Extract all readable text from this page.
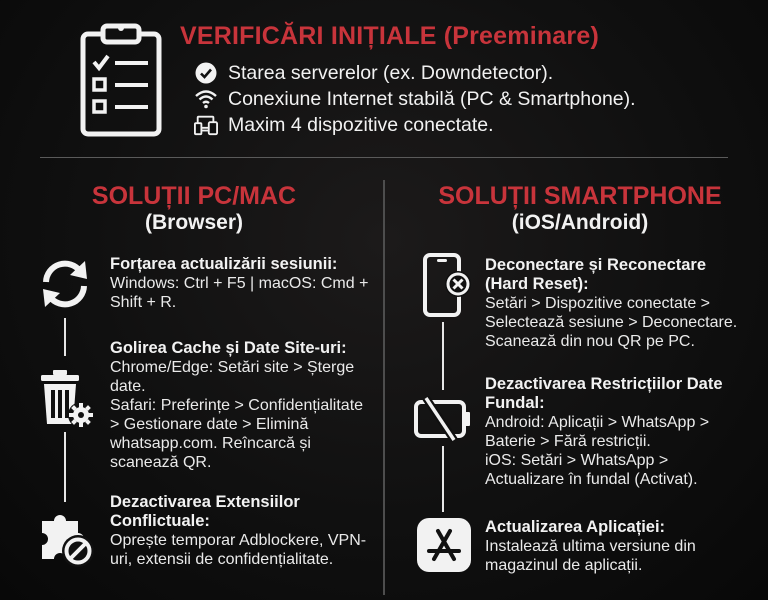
VERIFICĂRI INIȚIALE (Preeminare)
Starea serverelor (ex. Downdetector).
Conexiune Internet stabilă (PC & Smartphone).
Maxim 4 dispozitive conectate.
SOLUȚII PC/MAC
(Browser)
SOLUȚII SMARTPHONE
(iOS/Android)
Forțarea actualizării sesiunii:
Windows: Ctrl + F5 | macOS: Cmd + Shift + R.
Golirea Cache și Date Site-uri:
Chrome/Edge: Setări site > Șterge date.
Safari: Preferințe > Confidențialitate > Gestionare date > Elimină whatsapp.com. Reîncarcă și scanează QR.
Dezactivarea Extensiilor Conflictuale:
Oprește temporar Adblockere, VPN-uri, extensii de confidențialitate.
Deconectare și Reconectare (Hard Reset):
Setări > Dispozitive conectate > Selectează sesiune > Deconectare. Scanează din nou QR pe PC.
Dezactivarea Restricțiilor Date Fundal:
Android: Aplicații > WhatsApp > Baterie > Fără restricții.
iOS: Setări > WhatsApp > Actualizare în fundal (Activat).
Actualizarea Aplicației:
Instalează ultima versiune din magazinul de aplicații.
